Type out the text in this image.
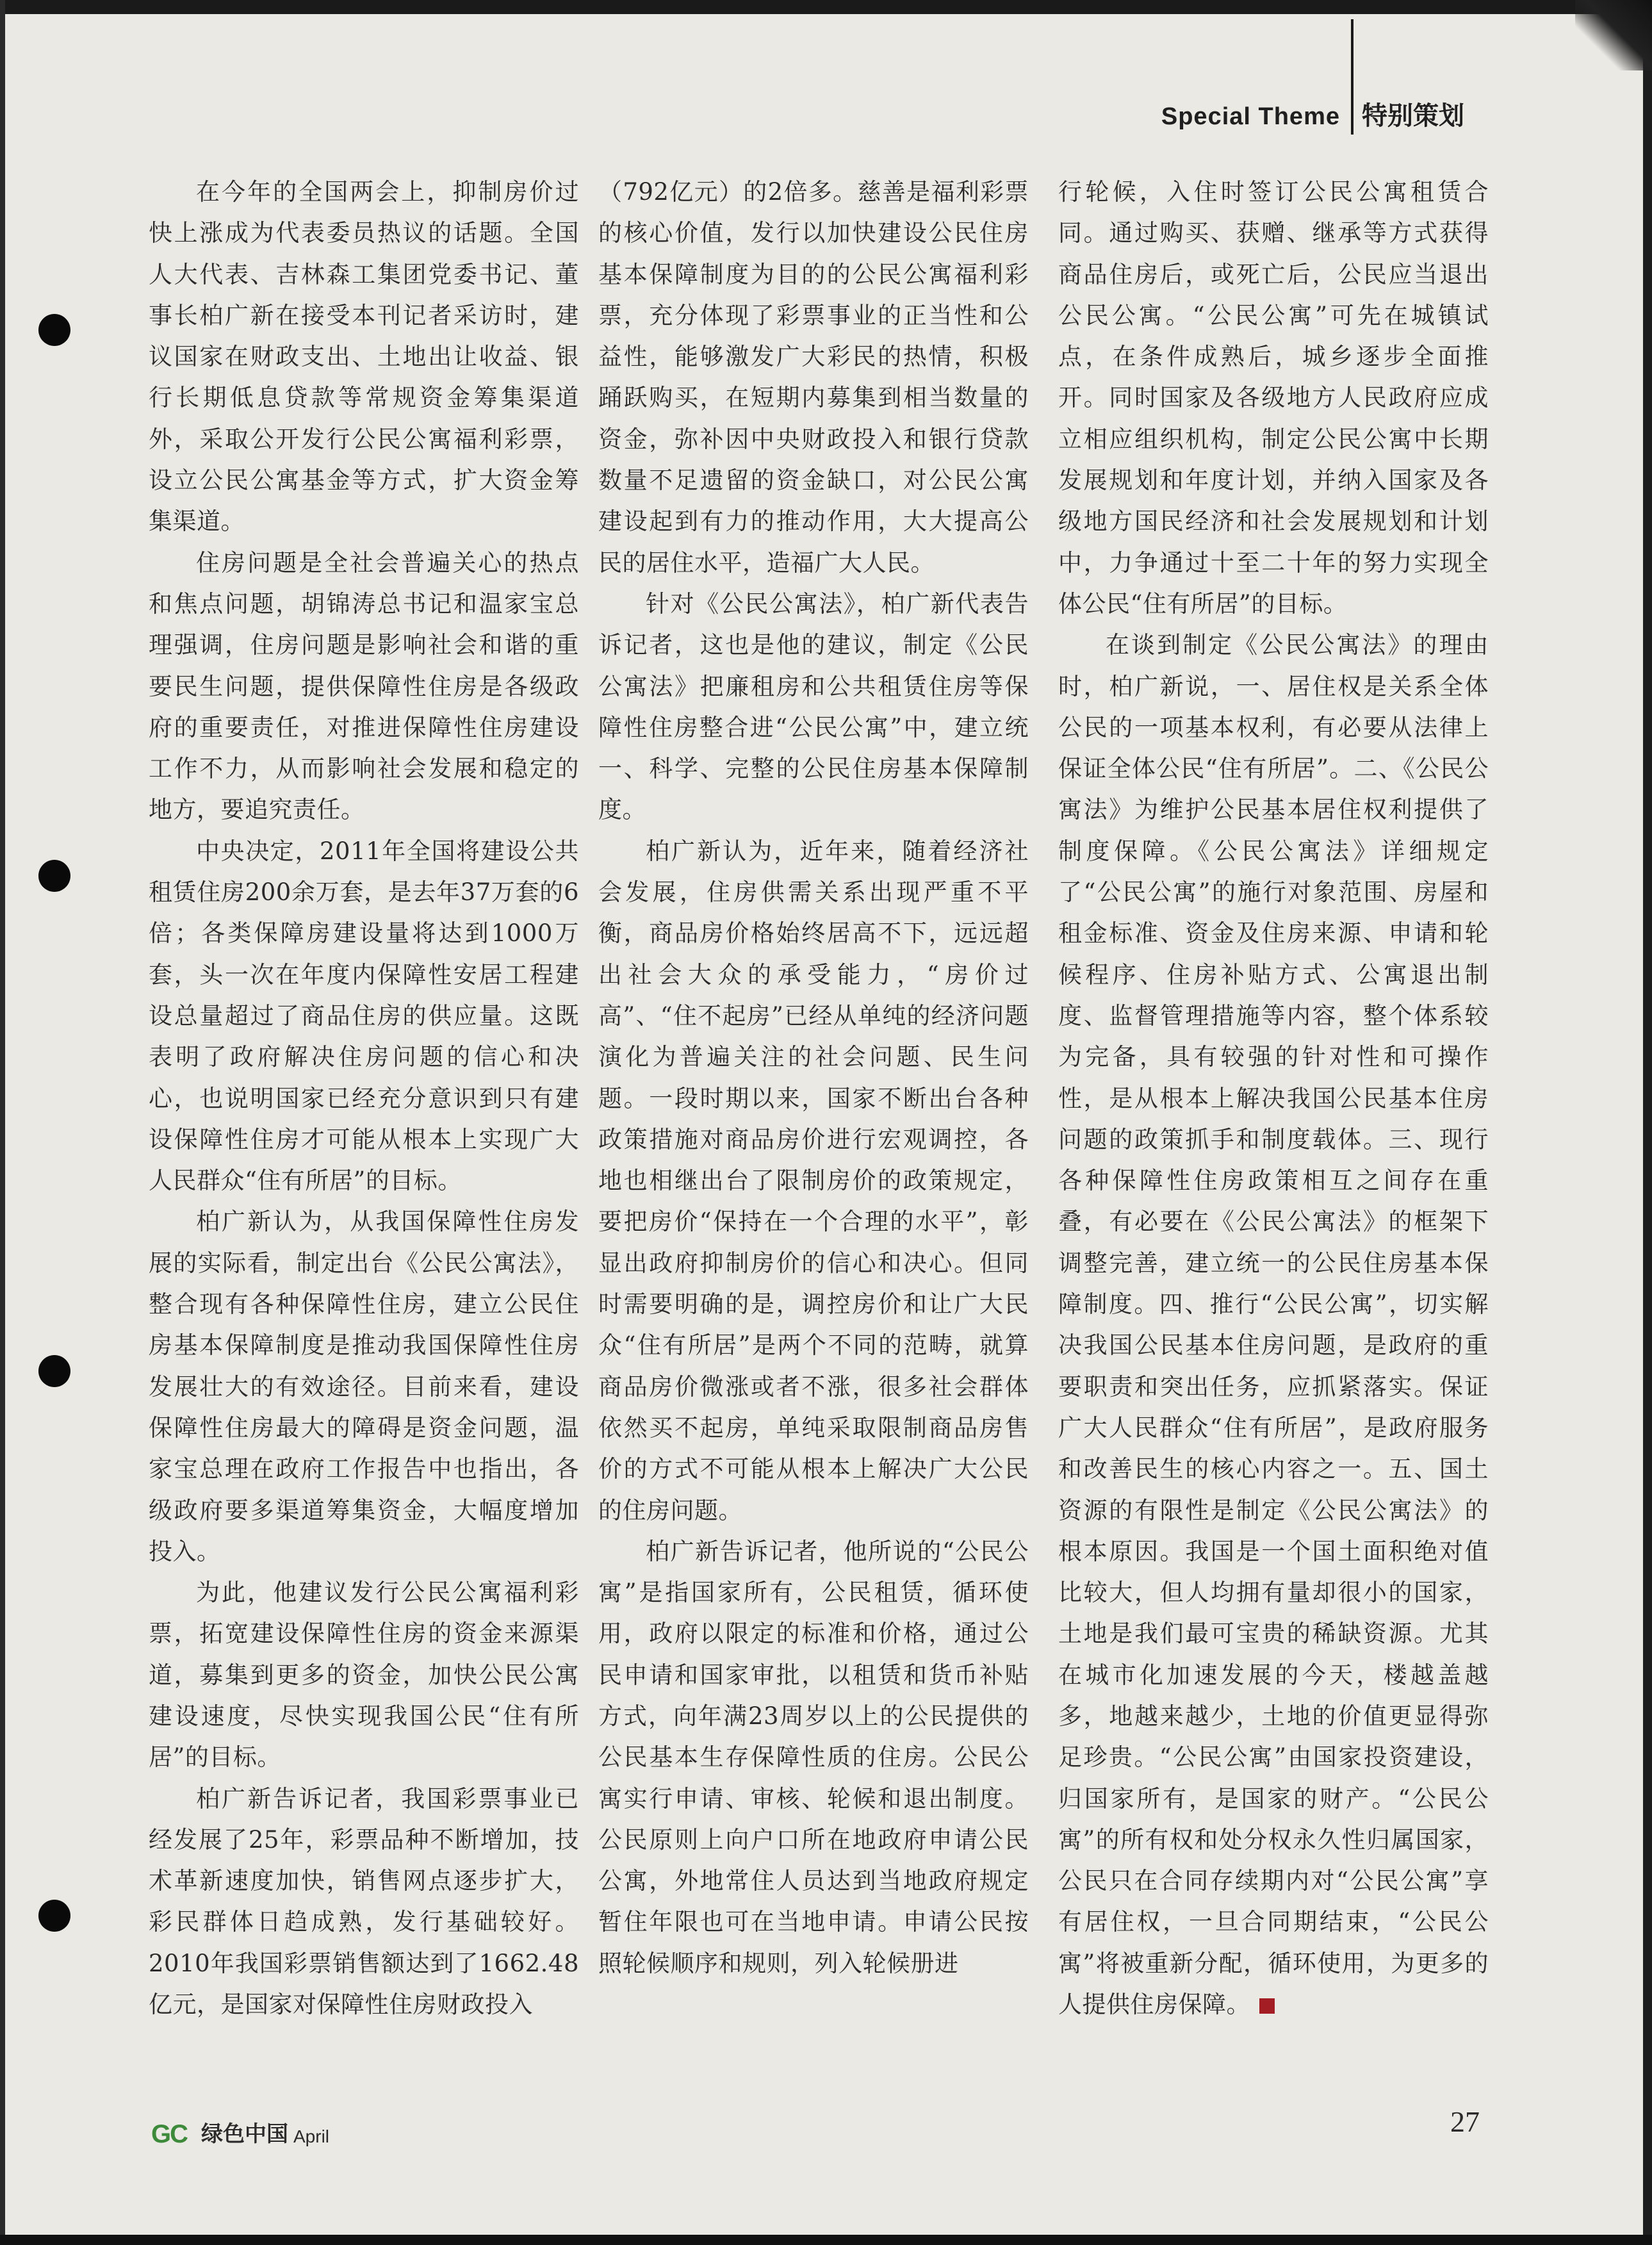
Special Theme 特别策划

在今年的全国两会上，抑制房价过快上涨成为代表委员热议的话题。全国人大代表、吉林森工集团党委书记、董事长柏广新在接受本刊记者采访时，建议国家在财政支出、土地出让收益、银行长期低息贷款等常规资金筹集渠道外，采取公开发行公民公寓福利彩票，设立公民公寓基金等方式，扩大资金筹集渠道。

住房问题是全社会普遍关心的热点和焦点问题，胡锦涛总书记和温家宝总理强调，住房问题是影响社会和谐的重要民生问题，提供保障性住房是各级政府的重要责任，对推进保障性住房建设工作不力，从而影响社会发展和稳定的地方，要追究责任。

中央决定，2011年全国将建设公共租赁住房200余万套，是去年37万套的6倍；各类保障房建设量将达到1000万套，头一次在年度内保障性安居工程建设总量超过了商品住房的供应量。这既表明了政府解决住房问题的信心和决心，也说明国家已经充分意识到只有建设保障性住房才可能从根本上实现广大人民群众“住有所居”的目标。

柏广新认为，从我国保障性住房发展的实际看，制定出台《公民公寓法》，整合现有各种保障性住房，建立公民住房基本保障制度是推动我国保障性住房发展壮大的有效途径。目前来看，建设保障性住房最大的障碍是资金问题，温家宝总理在政府工作报告中也指出，各级政府要多渠道筹集资金，大幅度增加投入。

为此，他建议发行公民公寓福利彩票，拓宽建设保障性住房的资金来源渠道，募集到更多的资金，加快公民公寓建设速度，尽快实现我国公民“住有所居”的目标。

柏广新告诉记者，我国彩票事业已经发展了25年，彩票品种不断增加，技术革新速度加快，销售网点逐步扩大，彩民群体日趋成熟，发行基础较好。2010年我国彩票销售额达到了1662.48亿元，是国家对保障性住房财政投入

（792亿元）的2倍多。慈善是福利彩票的核心价值，发行以加快建设公民住房基本保障制度为目的的公民公寓福利彩票，充分体现了彩票事业的正当性和公益性，能够激发广大彩民的热情，积极踊跃购买，在短期内募集到相当数量的资金，弥补因中央财政投入和银行贷款数量不足遗留的资金缺口，对公民公寓建设起到有力的推动作用，大大提高公民的居住水平，造福广大人民。

针对《公民公寓法》，柏广新代表告诉记者，这也是他的建议，制定《公民公寓法》把廉租房和公共租赁住房等保障性住房整合进“公民公寓”中，建立统一、科学、完整的公民住房基本保障制度。

柏广新认为，近年来，随着经济社会发展，住房供需关系出现严重不平衡，商品房价格始终居高不下，远远超出社会大众的承受能力，“房价过高”、“住不起房”已经从单纯的经济问题演化为普遍关注的社会问题、民生问题。一段时期以来，国家不断出台各种政策措施对商品房价进行宏观调控，各地也相继出台了限制房价的政策规定，要把房价“保持在一个合理的水平”，彰显出政府抑制房价的信心和决心。但同时需要明确的是，调控房价和让广大民众“住有所居”是两个不同的范畴，就算商品房价微涨或者不涨，很多社会群体依然买不起房，单纯采取限制商品房售价的方式不可能从根本上解决广大公民的住房问题。

柏广新告诉记者，他所说的“公民公寓”是指国家所有，公民租赁，循环使用，政府以限定的标准和价格，通过公民申请和国家审批，以租赁和货币补贴方式，向年满23周岁以上的公民提供的公民基本生存保障性质的住房。公民公寓实行申请、审核、轮候和退出制度。公民原则上向户口所在地政府申请公民公寓，外地常住人员达到当地政府规定暂住年限也可在当地申请。申请公民按照轮候顺序和规则，列入轮候册进

行轮候，入住时签订公民公寓租赁合同。通过购买、获赠、继承等方式获得商品住房后，或死亡后，公民应当退出公民公寓。“公民公寓”可先在城镇试点，在条件成熟后，城乡逐步全面推开。同时国家及各级地方人民政府应成立相应组织机构，制定公民公寓中长期发展规划和年度计划，并纳入国家及各级地方国民经济和社会发展规划和计划中，力争通过十至二十年的努力实现全体公民“住有所居”的目标。

在谈到制定《公民公寓法》的理由时，柏广新说，一、居住权是关系全体公民的一项基本权利，有必要从法律上保证全体公民“住有所居”。二、《公民公寓法》为维护公民基本居住权利提供了制度保障。《公民公寓法》详细规定了“公民公寓”的施行对象范围、房屋和租金标准、资金及住房来源、申请和轮候程序、住房补贴方式、公寓退出制度、监督管理措施等内容，整个体系较为完备，具有较强的针对性和可操作性，是从根本上解决我国公民基本住房问题的政策抓手和制度载体。三、现行各种保障性住房政策相互之间存在重叠，有必要在《公民公寓法》的框架下调整完善，建立统一的公民住房基本保障制度。四、推行“公民公寓”，切实解决我国公民基本住房问题，是政府的重要职责和突出任务，应抓紧落实。保证广大人民群众“住有所居”，是政府服务和改善民生的核心内容之一。五、国土资源的有限性是制定《公民公寓法》的根本原因。我国是一个国土面积绝对值比较大，但人均拥有量却很小的国家，土地是我们最可宝贵的稀缺资源。尤其在城市化加速发展的今天，楼越盖越多，地越来越少，土地的价值更显得弥足珍贵。“公民公寓”由国家投资建设，归国家所有，是国家的财产。“公民公寓”的所有权和处分权永久性归属国家，公民只在合同存续期内对“公民公寓”享有居住权，一旦合同期结束，“公民公寓”将被重新分配，循环使用，为更多的人提供住房保障。

GC 绿色中国 April	27
